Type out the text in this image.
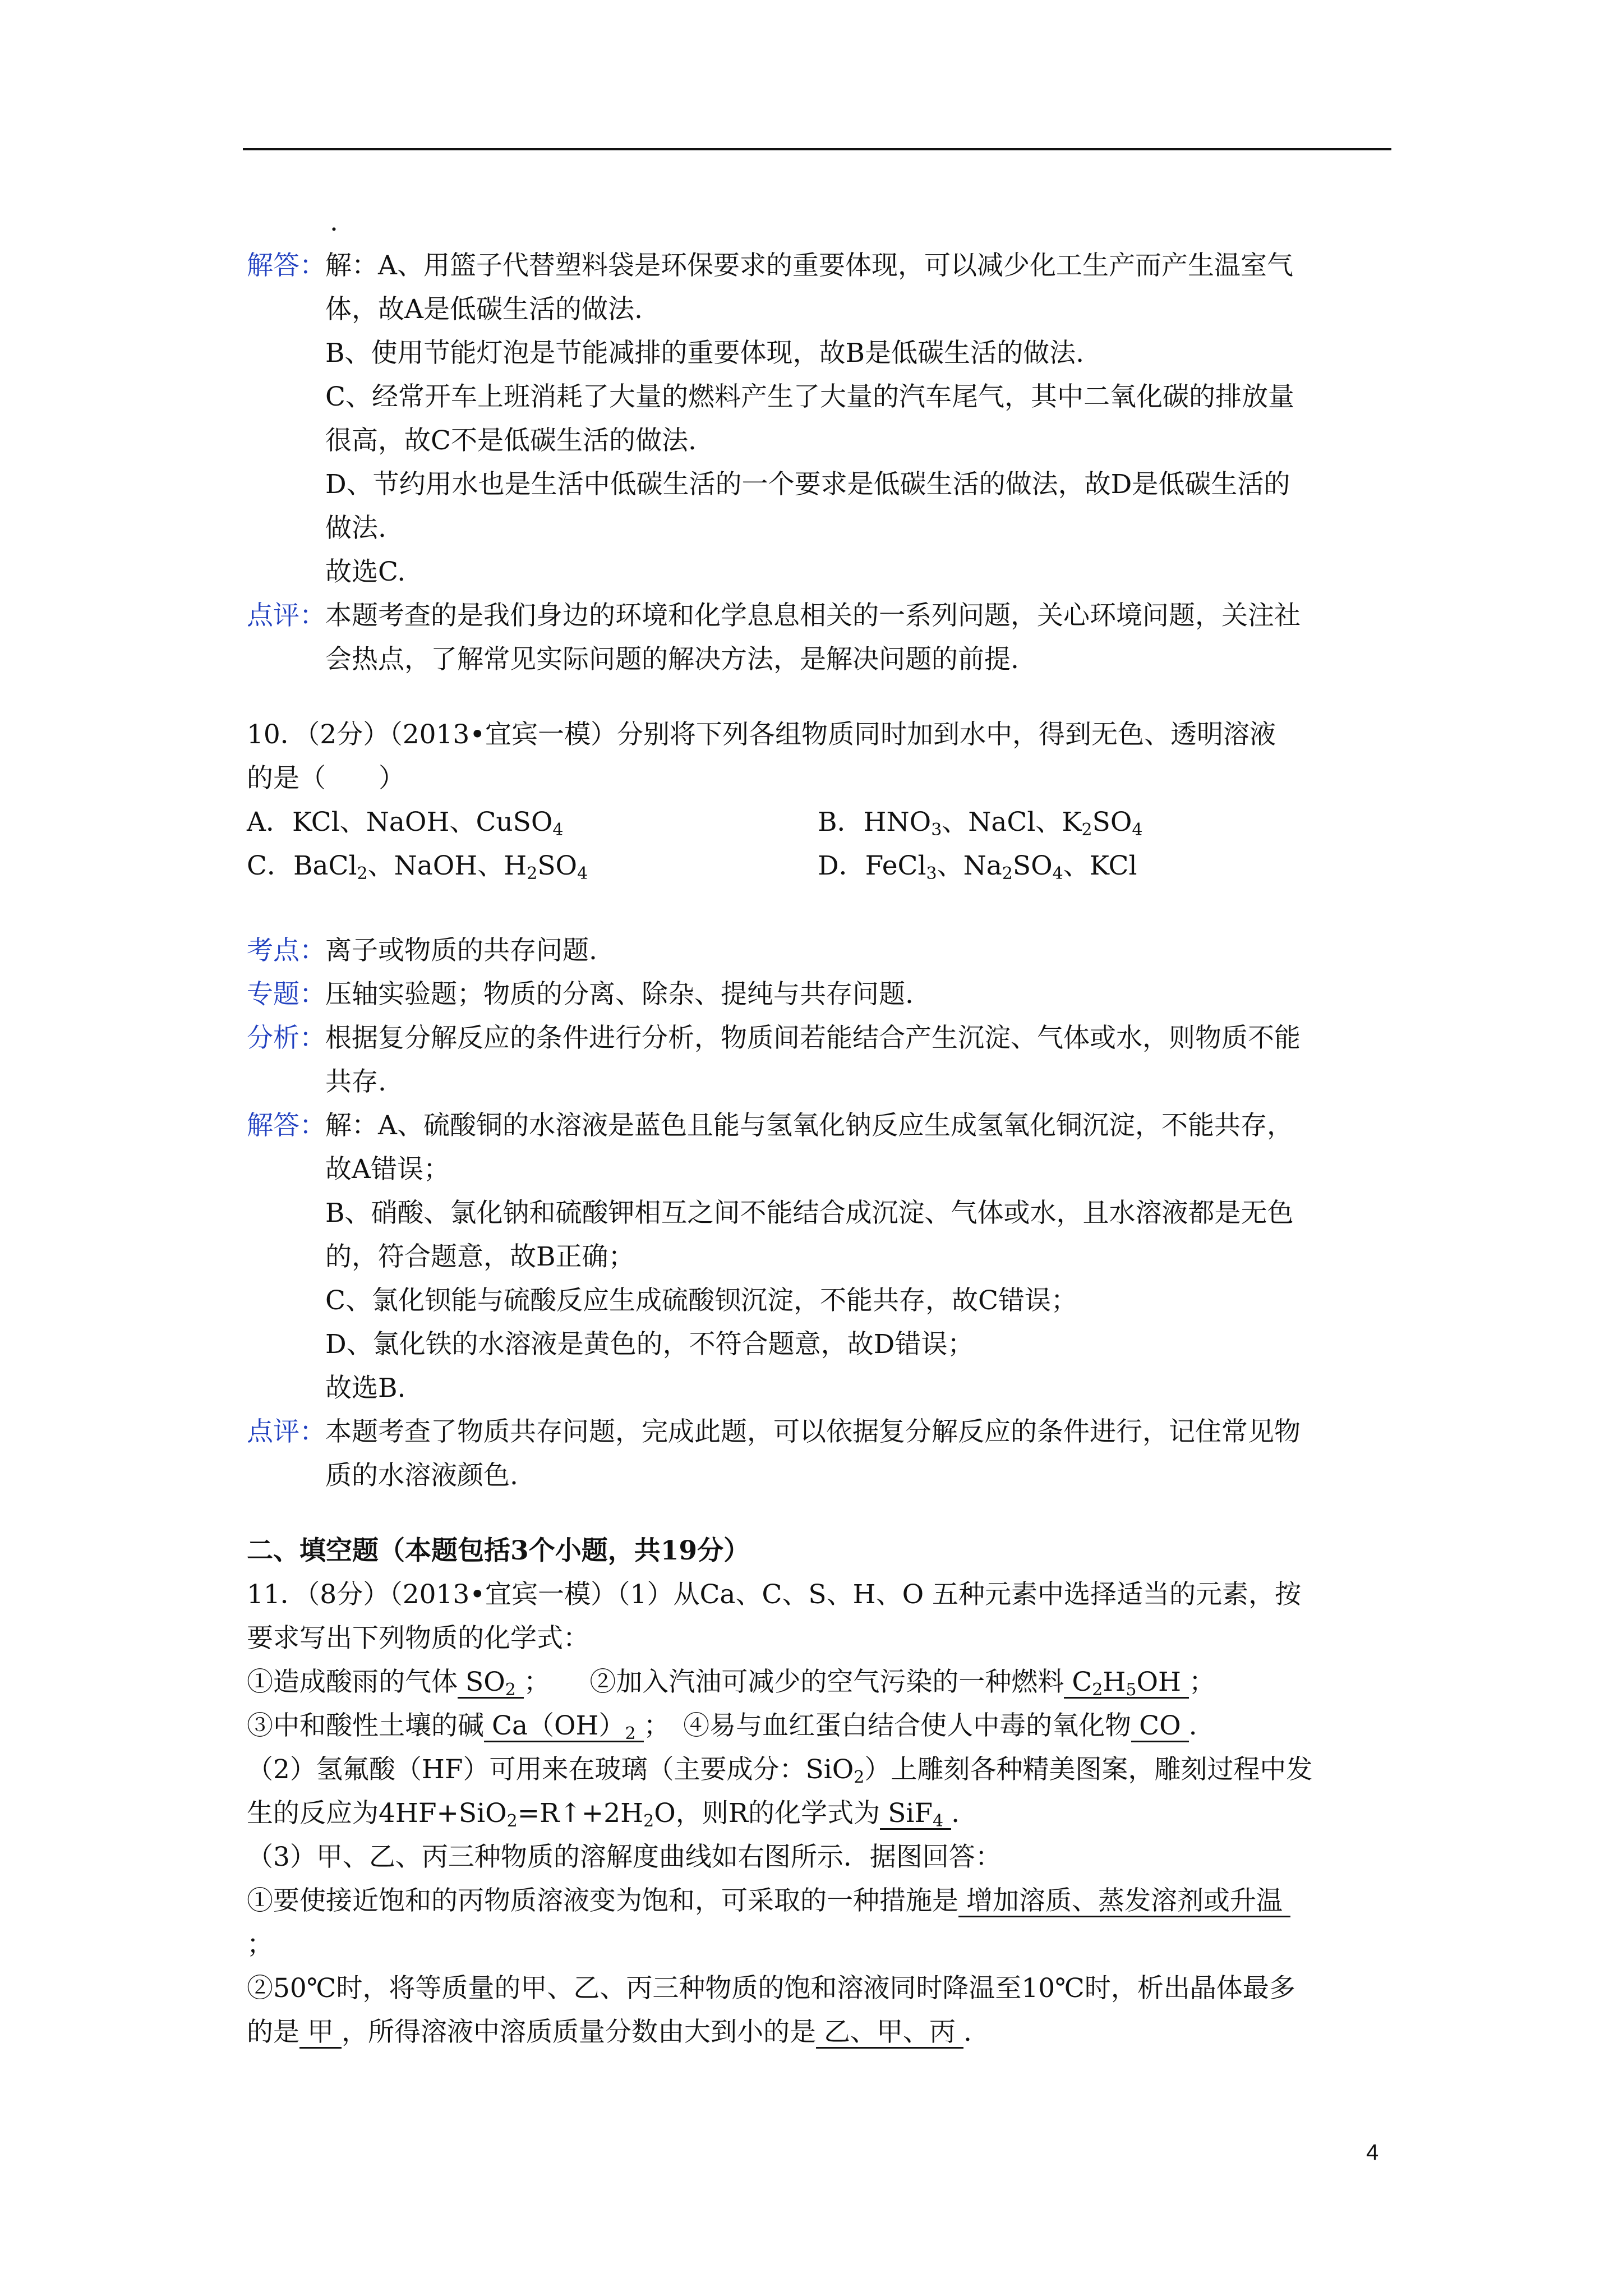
.
解答： 解：A、用篮子代替塑料袋是环保要求的重要体现，可以减少化工生产而产生温室气
体，故A是低碳生活的做法.
B、使用节能灯泡是节能减排的重要体现，故B是低碳生活的做法.
C、经常开车上班消耗了大量的燃料产生了大量的汽车尾气，其中二氧化碳的排放量
很高，故C不是低碳生活的做法.
D、节约用水也是生活中低碳生活的一个要求是低碳生活的做法，故D是低碳生活的
做法.
故选C.
点评： 本题考查的是我们身边的环境和化学息息相关的一系列问题，关心环境问题，关注社
会热点，了解常见实际问题的解决方法，是解决问题的前提.
10．（2分）（2013•宜宾一模）分别将下列各组物质同时加到水中，得到无色、透明溶液
的是（　　）
A．KCl、NaOH、CuSO$_4$	B．$HNO_3$、NaCl、$K_2SO_4$
C．BaCl$_2$、NaOH、$H_2SO_4$	D．FeCl$_3$、$Na_2SO_4$、KCl
考点： 离子或物质的共存问题.
专题： 压轴实验题；物质的分离、除杂、提纯与共存问题.
分析： 根据复分解反应的条件进行分析，物质间若能结合产生沉淀、气体或水，则物质不能
共存.
解答： 解：A、硫酸铜的水溶液是蓝色且能与氢氧化钠反应生成氢氧化铜沉淀，不能共存，
故A错误；
B、硝酸、氯化钠和硫酸钾相互之间不能结合成沉淀、气体或水，且水溶液都是无色
的，符合题意，故B正确；
C、氯化钡能与硫酸反应生成硫酸钡沉淀，不能共存，故C错误；
D、氯化铁的水溶液是黄色的，不符合题意，故D错误；
故选B.
点评： 本题考查了物质共存问题，完成此题，可以依据复分解反应的条件进行，记住常见物
质的水溶液颜色.
二、填空题（本题包括3个小题，共19分）
11．（8分）（2013•宜宾一模）（1）从Ca、C、S、H、O 五种元素中选择适当的元素，按
要求写出下列物质的化学式：
①造成酸雨的气体 $SO_2$ ；　　②加入汽油可减少的空气污染的一种燃料 $C_2H_5OH$ ；
③中和酸性土壤的碱 $Ca(OH)_2$ ；　④易与血红蛋白结合使人中毒的氧化物 CO .
（2）氢氟酸（HF）可用来在玻璃（主要成分：SiO$_2$）上雕刻各种精美图案，雕刻过程中发
生的反应为$4HF+SiO_2=R↑+2H_2O$，则R的化学式为 SiF$_4$ .
（3）甲、乙、丙三种物质的溶解度曲线如右图所示．据图回答：
①要使接近饱和的丙物质溶液变为饱和，可采取的一种措施是 增加溶质、蒸发溶剂或升温
；
②50℃时，将等质量的甲、乙、丙三种物质的饱和溶液同时降温至10℃时，析出晶体最多
的是 甲 ，所得溶液中溶质质量分数由大到小的是 乙、甲、丙 .
4
